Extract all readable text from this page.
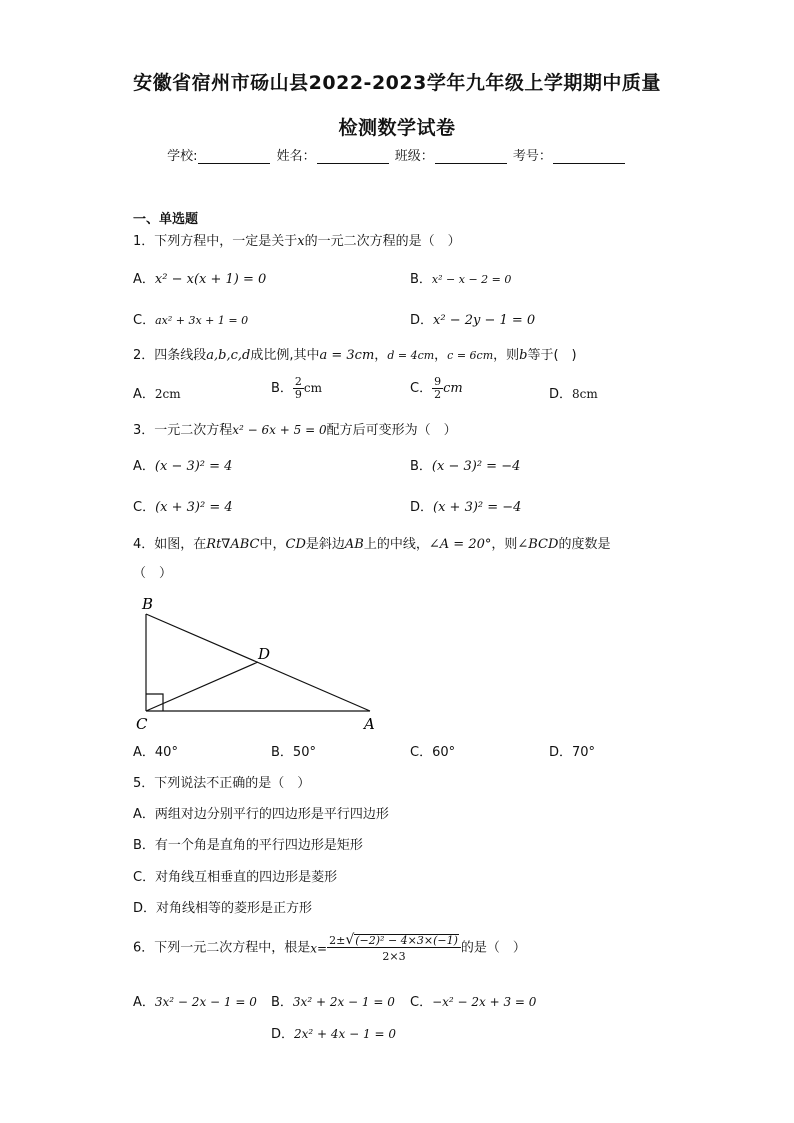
安徽省宿州市砀山县2022-2023学年九年级上学期期中质量
检测数学试卷
学校:	姓名：	班级：	考号：
一、单选题
1．下列方程中，一定是关于x的一元二次方程的是（　）
A．x² − x(x + 1) = 0	B．x² − x − 2 = 0
C．ax² + 3x + 1 = 0	D．x² − 2y − 1 = 0
2．四条线段a,b,c,d成比例,其中a = 3cm，d = 4cm，c = 6cm，则b等于(　)
A．2cm	B． $\frac{2}{9}$ cm	C． $\frac{9}{2}$ cm	D．8cm
3．一元二次方程x² − 6x + 5 = 0配方后可变形为（　）
A．(x − 3)² = 4	B．(x − 3)² = −4
C．(x + 3)² = 4	D．(x + 3)² = −4
4．如图，在Rt∇ABC中，CD是斜边AB上的中线，∠A = 20°，则∠BCD的度数是
（　）
B
D
C	A
A．40°	B．50°	C．60°	D．70°
5．下列说法不正确的是（　）
A．两组对边分别平行的四边形是平行四边形
B．有一个角是直角的平行四边形是矩形
C．对角线互相垂直的四边形是菱形
D．对角线相等的菱形是正方形
6．下列一元二次方程中，根是$x= \frac{\text{2±√(−2)² − 4×3×(−1)}}{2\times 3}$ 的是（　）
A．3x² − 2x − 1 = 0 B．3x² + 2x − 1 = 0 C．−x² − 2x + 3 = 0
D．2x² + 4x − 1 = 0
